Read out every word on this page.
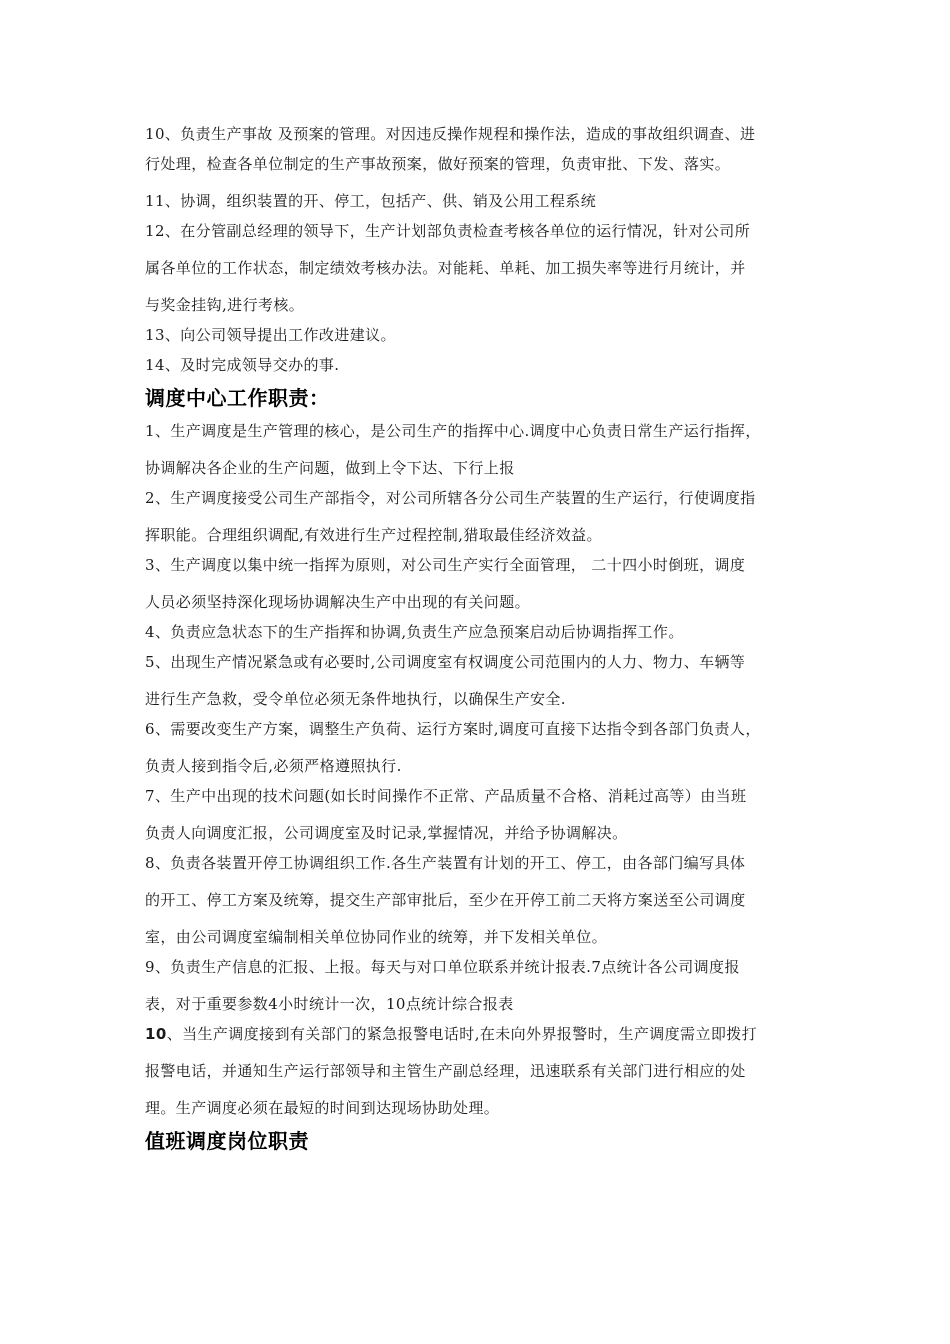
10、负责生产事故 及预案的管理。对因违反操作规程和操作法，造成的事故组织调查、进
行处理，检查各单位制定的生产事故预案，做好预案的管理，负责审批、下发、落实。
11、协调，组织装置的开、停工，包括产、供、销及公用工程系统
12、在分管副总经理的领导下，生产计划部负责检查考核各单位的运行情况，针对公司所
属各单位的工作状态，制定绩效考核办法。对能耗、单耗、加工损失率等进行月统计，并
与奖金挂钩,进行考核。
13、向公司领导提出工作改进建议。
14、及时完成领导交办的事.
调度中心工作职责：
1、生产调度是生产管理的核心，是公司生产的指挥中心.调度中心负责日常生产运行指挥，
协调解决各企业的生产问题，做到上令下达、下行上报
2、生产调度接受公司生产部指令，对公司所辖各分公司生产装置的生产运行，行使调度指
挥职能。合理组织调配,有效进行生产过程控制,猎取最佳经济效益。
3、生产调度以集中统一指挥为原则，对公司生产实行全面管理， 二十四小时倒班，调度
人员必须坚持深化现场协调解决生产中出现的有关问题。
4、负责应急状态下的生产指挥和协调,负责生产应急预案启动后协调指挥工作。
5、出现生产情况紧急或有必要时,公司调度室有权调度公司范围内的人力、物力、车辆等
进行生产急救，受令单位必须无条件地执行，以确保生产安全.
6、需要改变生产方案，调整生产负荷、运行方案时,调度可直接下达指令到各部门负责人，
负责人接到指令后,必须严格遵照执行.
7、生产中出现的技术问题(如长时间操作不正常、产品质量不合格、消耗过高等）由当班
负责人向调度汇报，公司调度室及时记录,掌握情况，并给予协调解决。
8、负责各装置开停工协调组织工作.各生产装置有计划的开工、停工，由各部门编写具体
的开工、停工方案及统筹，提交生产部审批后，至少在开停工前二天将方案送至公司调度
室，由公司调度室编制相关单位协同作业的统筹，并下发相关单位。
9、负责生产信息的汇报、上报。每天与对口单位联系并统计报表.7点统计各公司调度报
表，对于重要参数4小时统计一次，10点统计综合报表
10、当生产调度接到有关部门的紧急报警电话时,在未向外界报警时，生产调度需立即拨打
报警电话，并通知生产运行部领导和主管生产副总经理，迅速联系有关部门进行相应的处
理。生产调度必须在最短的时间到达现场协助处理。
值班调度岗位职责
